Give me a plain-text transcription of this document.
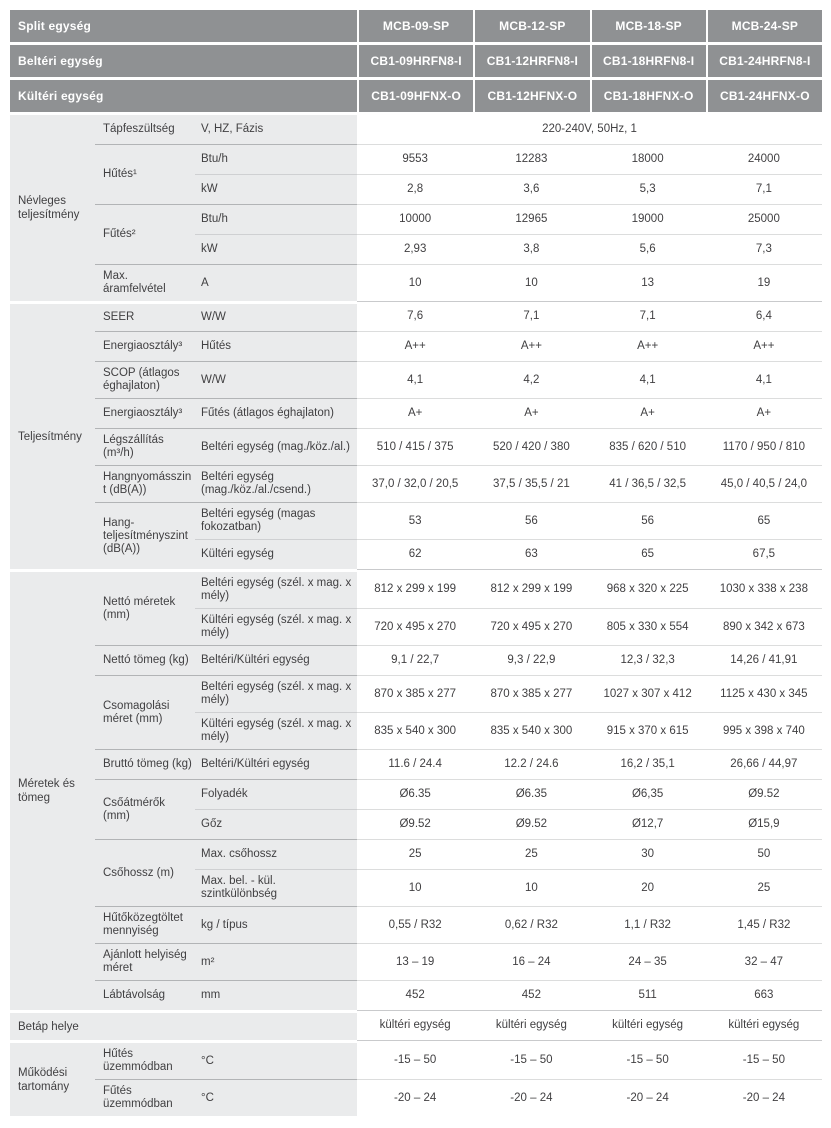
Split egység			MCB-09-SP	MCB-12-SP	MCB-18-SP	MCB-24-SP
Beltéri egység			CB1-09HRFN8-I	CB1-12HRFN8-I	CB1-18HRFN8-I	CB1-24HRFN8-I
Kültéri egység			CB1-09HFNX-O	CB1-12HFNX-O	CB1-18HFNX-O	CB1-24HFNX-O
Névleges teljesítmény	Tápfeszültség	V, HZ, Fázis	220-240V, 50Hz, 1			
	Hűtés¹	Btu/h	9553	12283	18000	24000
		kW	2,8	3,6	5,3	7,1
	Fűtés²	Btu/h	10000	12965	19000	25000
		kW	2,93	3,8	5,6	7,3
	Max. áramfelvétel	A	10	10	13	19
Teljesítmény	SEER	W/W	7,6	7,1	7,1	6,4
	Energiaosztály³	Hűtés	A++	A++	A++	A++
	SCOP (átlagos éghajlaton)	W/W	4,1	4,2	4,1	4,1
	Energiaosztály³	Fűtés (átlagos éghajlaton)	A+	A+	A+	A+
	Légszállítás (m³/h)	Beltéri egység (mag./köz./al.)	510 / 415 / 375	520 / 420 / 380	835 / 620 / 510	1170 / 950 / 810
	Hangnyomásszint (dB(A))	Beltéri egység (mag./köz./al./csend.)	37,0 / 32,0 / 20,5	37,5 / 35,5 / 21	41 / 36,5 / 32,5	45,0 / 40,5 / 24,0
	Hang-teljesítményszint (dB(A))	Beltéri egység (magas fokozatban)	53	56	56	65
		Kültéri egység	62	63	65	67,5
Méretek és tömeg	Nettó méretek (mm)	Beltéri egység (szél. x mag. x mély)	812 x 299 x 199	812 x 299 x 199	968 x 320 x 225	1030 x 338 x 238
		Kültéri egység (szél. x mag. x mély)	720 x 495 x 270	720 x 495 x 270	805 x 330 x 554	890 x 342 x 673
	Nettó tömeg (kg)	Beltéri/Kültéri egység	9,1 / 22,7	9,3 / 22,9	12,3 / 32,3	14,26 / 41,91
	Csomagolási méret (mm)	Beltéri egység (szél. x mag. x mély)	870 x 385 x 277	870 x 385 x 277	1027 x 307 x 412	1125 x 430 x 345
		Kültéri egység (szél. x mag. x mély)	835 x 540 x 300	835 x 540 x 300	915 x 370 x 615	995 x 398 x 740
	Bruttó tömeg (kg)	Beltéri/Kültéri egység	11.6 / 24.4	12.2 / 24.6	16,2 / 35,1	26,66 / 44,97
	Csőátmérők (mm)	Folyadék	Ø6.35	Ø6.35	Ø6,35	Ø9.52
		Gőz	Ø9.52	Ø9.52	Ø12,7	Ø15,9
	Csőhossz (m)	Max. csőhossz	25	25	30	50
		Max. bel. - kül. szintkülönbség	10	10	20	25
	Hűtőközegtöltet mennyiség	kg / típus	0,55 / R32	0,62 / R32	1,1 / R32	1,45 / R32
	Ajánlott helyiség méret	m²	13 – 19	16 – 24	24 – 35	32 – 47
	Lábtávolság	mm	452	452	511	663
Betáp helye			kültéri egység	kültéri egység	kültéri egység	kültéri egység
Működési tartomány	Hűtés üzemmódban	°C	-15 – 50	-15 – 50	-15 – 50	-15 – 50
	Fűtés üzemmódban	°C	-20 – 24	-20 – 24	-20 – 24	-20 – 24
